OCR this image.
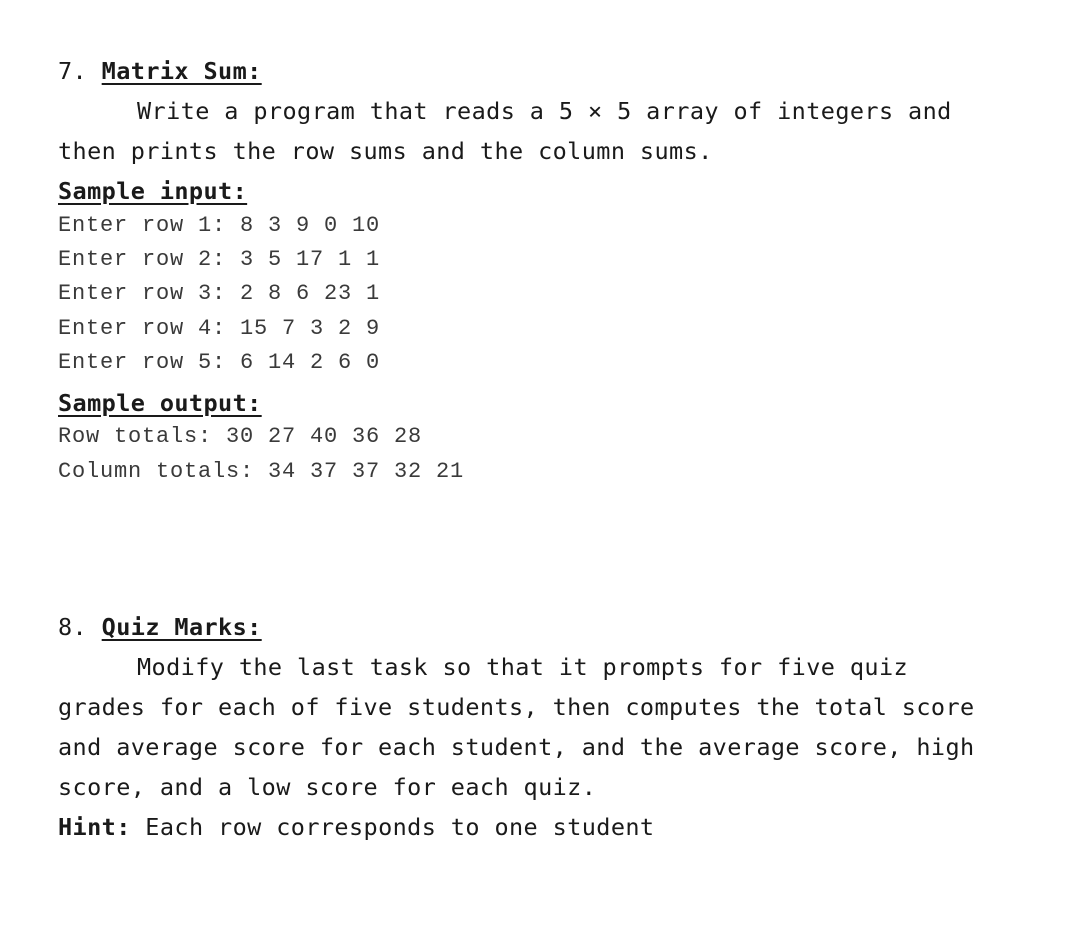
7. Matrix Sum:
Write a program that reads a 5 × 5 array of integers and
then prints the row sums and the column sums.
Sample input:
Enter row 1: 8 3 9 0 10
Enter row 2: 3 5 17 1 1
Enter row 3: 2 8 6 23 1
Enter row 4: 15 7 3 2 9
Enter row 5: 6 14 2 6 0
Sample output:
Row totals: 30 27 40 36 28
Column totals: 34 37 37 32 21
8. Quiz Marks:
Modify the last task so that it prompts for five quiz
grades for each of five students, then computes the total score
and average score for each student, and the average score, high
score, and a low score for each quiz.
Hint: Each row corresponds to one student
